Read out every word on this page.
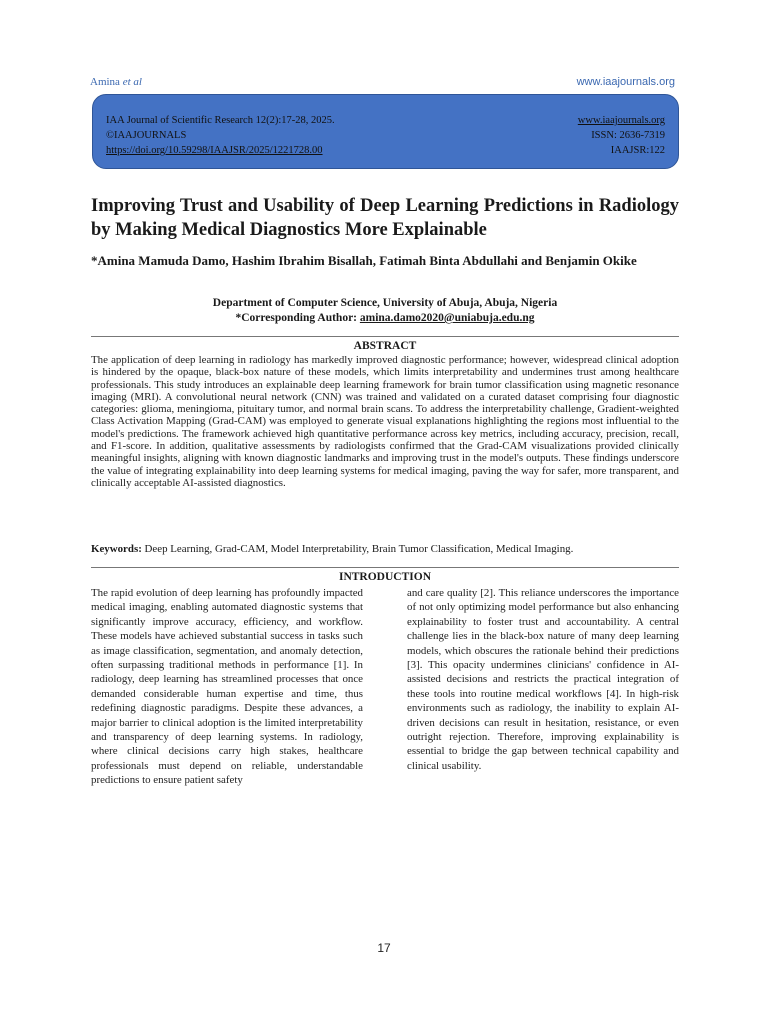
Amina et al	www.iaajournals.org
IAA Journal of Scientific Research 12(2):17-28, 2025.
©IAAJOURNALS
https://doi.org/10.59298/IAAJSR/2025/1221728.00
www.iaajournals.org
ISSN: 2636-7319
IAAJSR:122
Improving Trust and Usability of Deep Learning Predictions in Radiology by Making Medical Diagnostics More Explainable
*Amina Mamuda Damo, Hashim Ibrahim Bisallah, Fatimah Binta Abdullahi and Benjamin Okike
Department of Computer Science, University of Abuja, Abuja, Nigeria
*Corresponding Author: amina.damo2020@uniabuja.edu.ng
ABSTRACT
The application of deep learning in radiology has markedly improved diagnostic performance; however, widespread clinical adoption is hindered by the opaque, black-box nature of these models, which limits interpretability and undermines trust among healthcare professionals. This study introduces an explainable deep learning framework for brain tumor classification using magnetic resonance imaging (MRI). A convolutional neural network (CNN) was trained and validated on a curated dataset comprising four diagnostic categories: glioma, meningioma, pituitary tumor, and normal brain scans. To address the interpretability challenge, Gradient-weighted Class Activation Mapping (Grad-CAM) was employed to generate visual explanations highlighting the regions most influential to the model's predictions. The framework achieved high quantitative performance across key metrics, including accuracy, precision, recall, and F1-score. In addition, qualitative assessments by radiologists confirmed that the Grad-CAM visualizations provided clinically meaningful insights, aligning with known diagnostic landmarks and improving trust in the model's outputs. These findings underscore the value of integrating explainability into deep learning systems for medical imaging, paving the way for safer, more transparent, and clinically acceptable AI-assisted diagnostics.
Keywords: Deep Learning, Grad-CAM, Model Interpretability, Brain Tumor Classification, Medical Imaging.
INTRODUCTION
The rapid evolution of deep learning has profoundly impacted medical imaging, enabling automated diagnostic systems that significantly improve accuracy, efficiency, and workflow. These models have achieved substantial success in tasks such as image classification, segmentation, and anomaly detection, often surpassing traditional methods in performance [1]. In radiology, deep learning has streamlined processes that once demanded considerable human expertise and time, thus redefining diagnostic paradigms. Despite these advances, a major barrier to clinical adoption is the limited interpretability and transparency of deep learning systems. In radiology, where clinical decisions carry high stakes, healthcare professionals must depend on reliable, understandable predictions to ensure patient safety
and care quality [2]. This reliance underscores the importance of not only optimizing model performance but also enhancing explainability to foster trust and accountability. A central challenge lies in the black-box nature of many deep learning models, which obscures the rationale behind their predictions [3]. This opacity undermines clinicians' confidence in AI-assisted decisions and restricts the practical integration of these tools into routine medical workflows [4]. In high-risk environments such as radiology, the inability to explain AI-driven decisions can result in hesitation, resistance, or even outright rejection. Therefore, improving explainability is essential to bridge the gap between technical capability and clinical usability.
17
